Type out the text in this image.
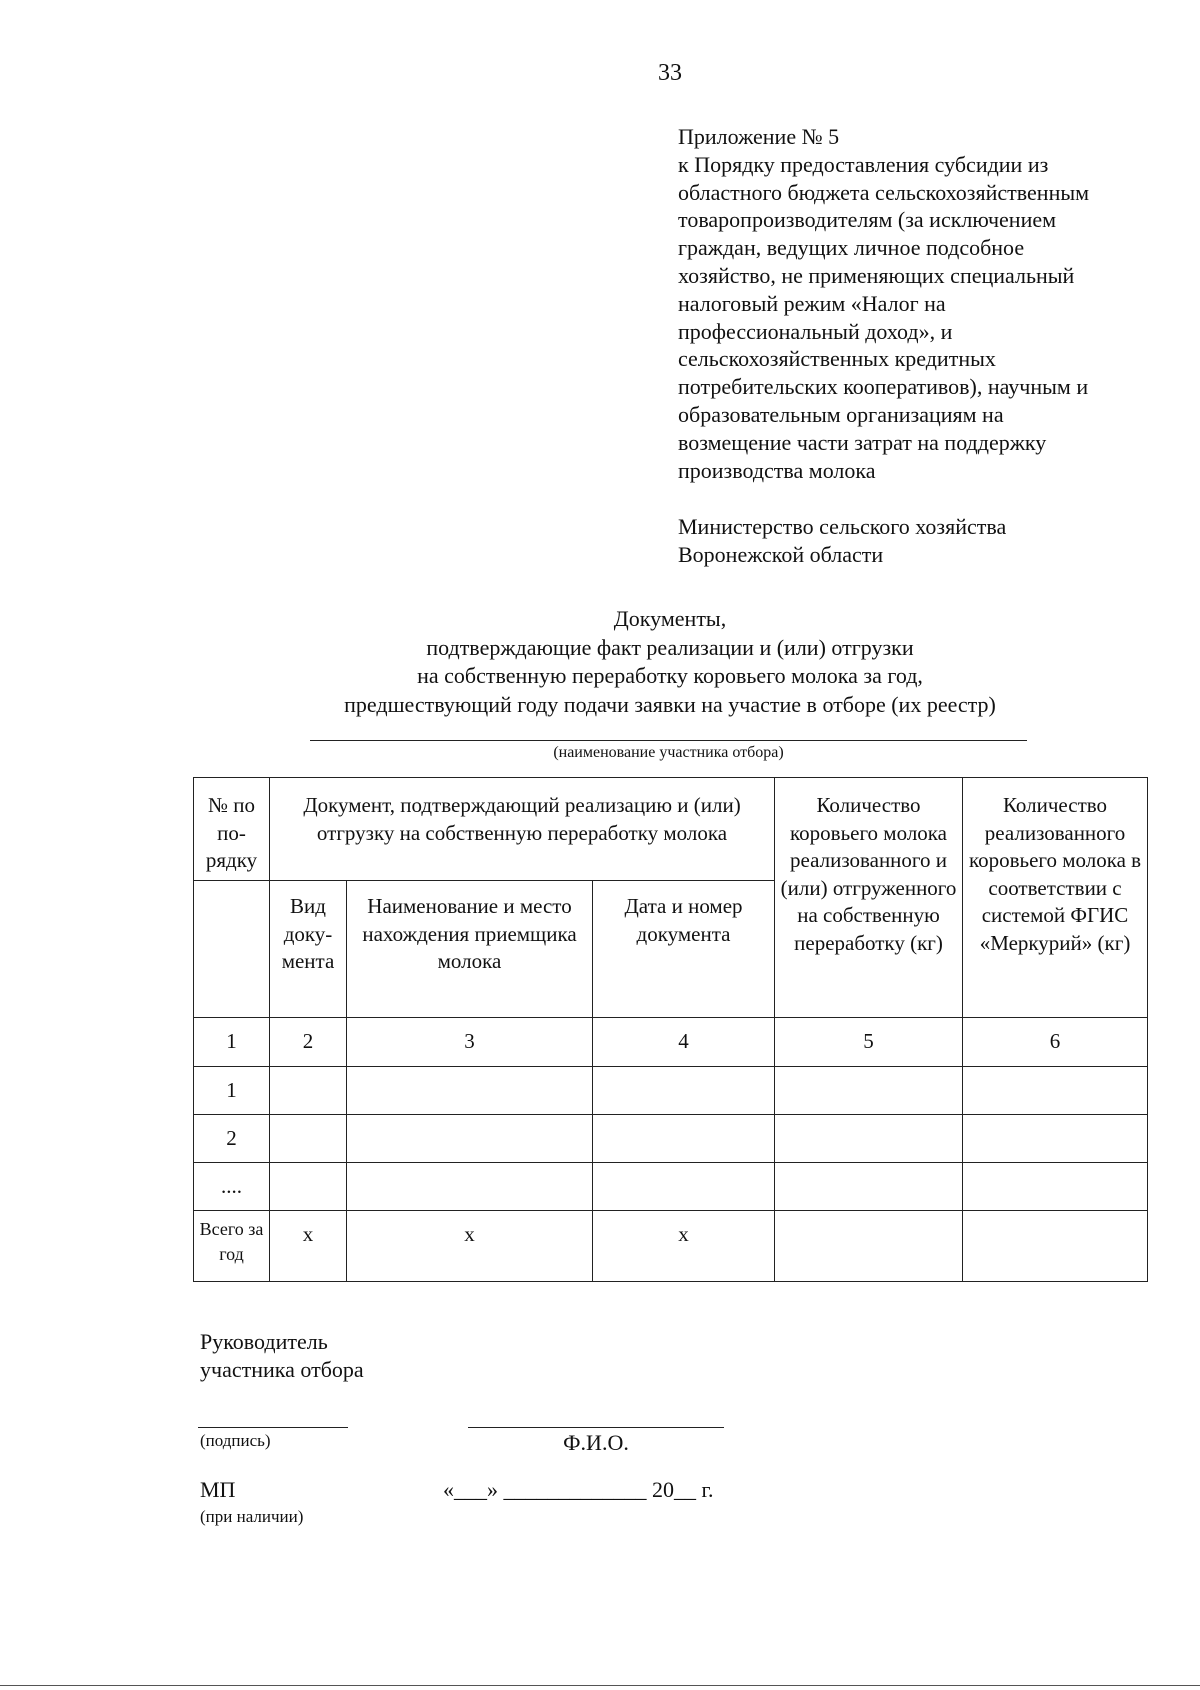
33
Приложение № 5
к Порядку предоставления субсидии из
областного бюджета сельскохозяйственным
товаропроизводителям (за исключением
граждан, ведущих личное подсобное
хозяйство, не применяющих специальный
налоговый режим «Налог на
профессиональный доход», и
сельскохозяйственных кредитных
потребительских кооперативов), научным и
образовательным организациям на
возмещение части затрат на поддержку
производства молока
Министерство сельского хозяйства
Воронежской области
Документы,
подтверждающие факт реализации и (или) отгрузки
на собственную переработку коровьего молока за год,
предшествующий году подачи заявки на участие в отборе (их реестр)
(наименование участника отбора)
№ по по- рядку	Документ, подтверждающий реализацию и (или) отгрузку на собственную переработку молока			Количество коровьего молока реализованного и (или) отгруженного на собственную переработку (кг)	Количество реализованного коровьего молока в соответствии с системой ФГИС «Меркурий» (кг)
	Вид доку- мента	Наименование и место нахождения приемщика молока	Дата и номер документа		
1	2	3	4	5	6
1					
2					
....					
Всего за год	х	х	х		
Руководитель
участника отбора
(подпись)	Ф.И.О.
МП
(при наличии)
«___» _____________ 20__ г.
